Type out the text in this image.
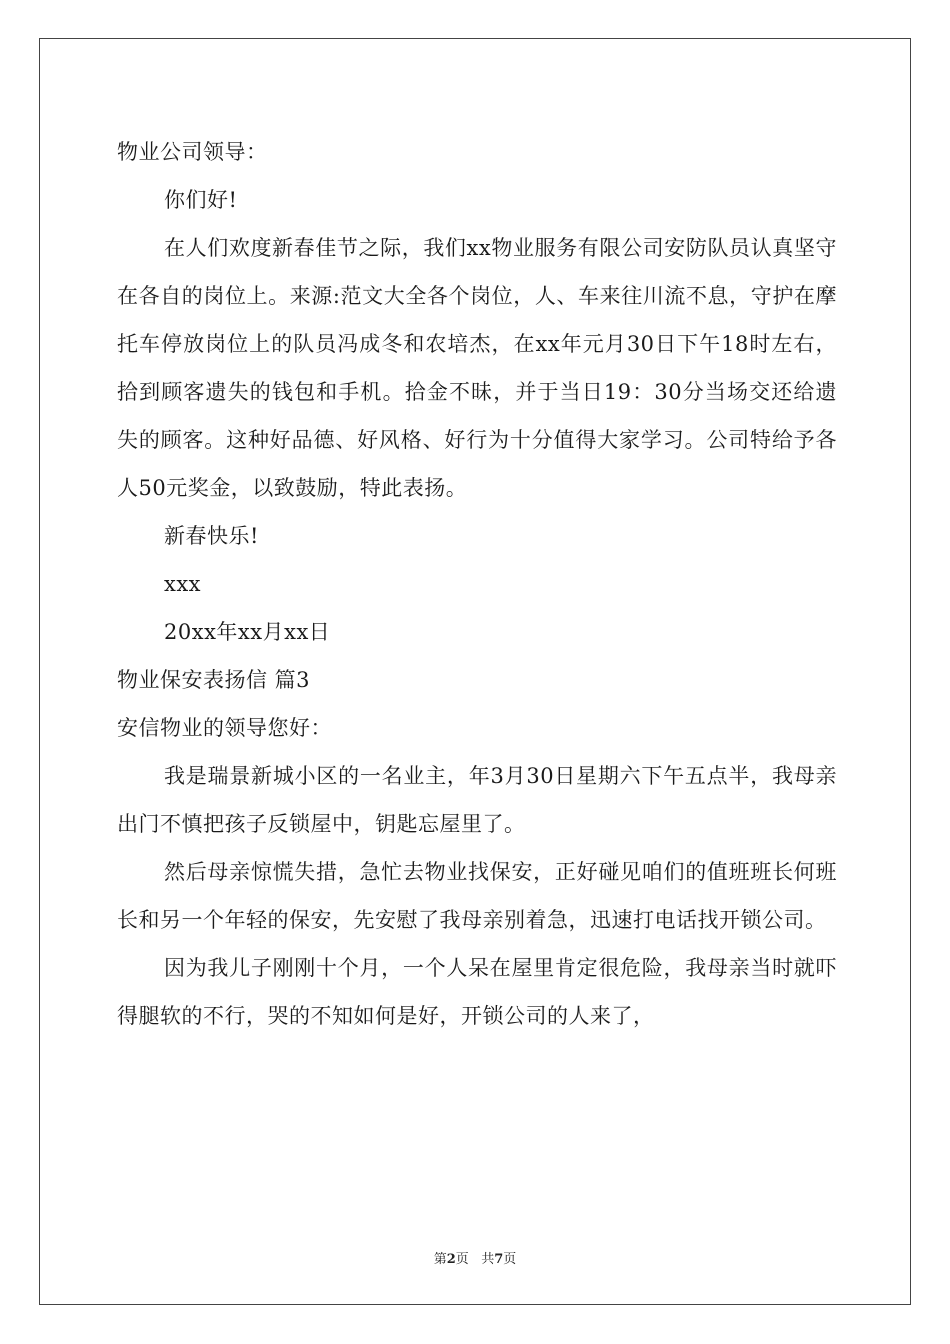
物业公司领导：

你们好!

在人们欢度新春佳节之际，我们xx物业服务有限公司安防队员认真坚守在各自的岗位上。来源:范文大全各个岗位，人、车来往川流不息，守护在摩托车停放岗位上的队员冯成冬和农培杰，在xx年元月30日下午18时左右，拾到顾客遗失的钱包和手机。拾金不昧，并于当日19：30分当场交还给遗失的顾客。这种好品德、好风格、好行为十分值得大家学习。公司特给予各人50元奖金，以致鼓励，特此表扬。

新春快乐!

xxx

20xx年xx月xx日

物业保安表扬信 篇3

安信物业的领导您好：

我是瑞景新城小区的一名业主，年3月30日星期六下午五点半，我母亲出门不慎把孩子反锁屋中，钥匙忘屋里了。

然后母亲惊慌失措，急忙去物业找保安，正好碰见咱们的值班班长何班长和另一个年轻的保安，先安慰了我母亲别着急，迅速打电话找开锁公司。

因为我儿子刚刚十个月，一个人呆在屋里肯定很危险，我母亲当时就吓得腿软的不行，哭的不知如何是好，开锁公司的人来了，

第2页 共7页
